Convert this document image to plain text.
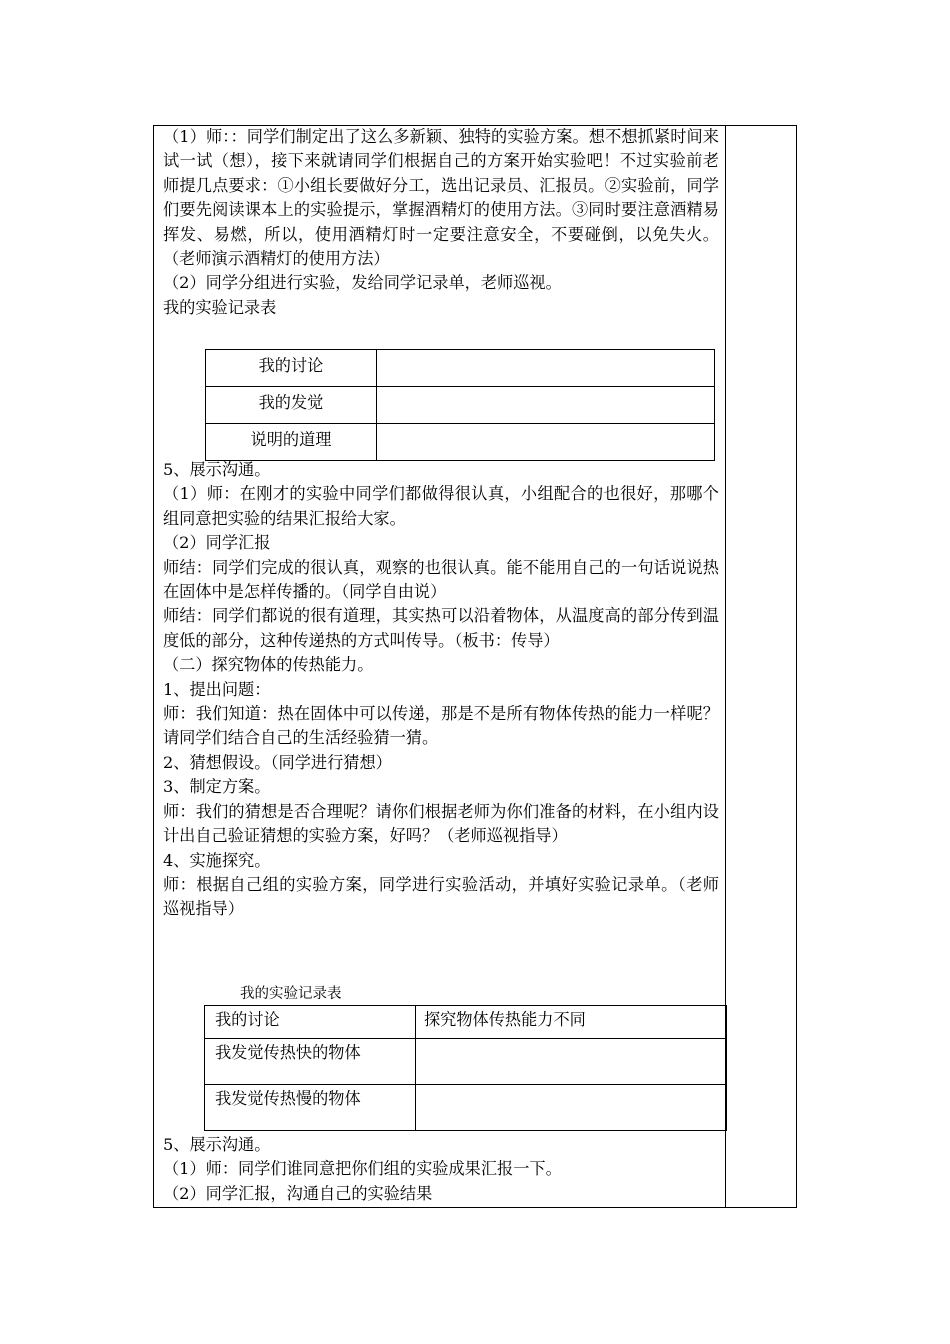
（1）师：：同学们制定出了这么多新颖、独特的实验方案。想不想抓紧时间来试一试（想），接下来就请同学们根据自己的方案开始实验吧！不过实验前老师提几点要求：①小组长要做好分工，选出记录员、汇报员。②实验前，同学们要先阅读课本上的实验提示，掌握酒精灯的使用方法。③同时要注意酒精易挥发、易燃，所以，使用酒精灯时一定要注意安全，不要碰倒，以免失火。（老师演示酒精灯的使用方法）

（2）同学分组进行实验，发给同学记录单，老师巡视。

我的实验记录表

我的讨论	
我的发觉	
说明的道理	

5、展示沟通。

（1）师：在刚才的实验中同学们都做得很认真，小组配合的也很好，那哪个组同意把实验的结果汇报给大家。

（2）同学汇报

师结：同学们完成的很认真，观察的也很认真。能不能用自己的一句话说说热在固体中是怎样传播的。（同学自由说）

师结：同学们都说的很有道理，其实热可以沿着物体，从温度高的部分传到温度低的部分，这种传递热的方式叫传导。（板书：传导）

（二）探究物体的传热能力。

1、提出问题：

师：我们知道：热在固体中可以传递，那是不是所有物体传热的能力一样呢？请同学们结合自己的生活经验猜一猜。

2、猜想假设。（同学进行猜想）

3、制定方案。

师：我们的猜想是否合理呢？请你们根据老师为你们准备的材料，在小组内设计出自己验证猜想的实验方案，好吗？（老师巡视指导）

4、实施探究。

师：根据自己组的实验方案，同学进行实验活动，并填好实验记录单。（老师巡视指导）

我的实验记录表
我的讨论	探究物体传热能力不同
我发觉传热快的物体	
我发觉传热慢的物体	

5、展示沟通。

（1）师：同学们谁同意把你们组的实验成果汇报一下。

（2）同学汇报，沟通自己的实验结果
